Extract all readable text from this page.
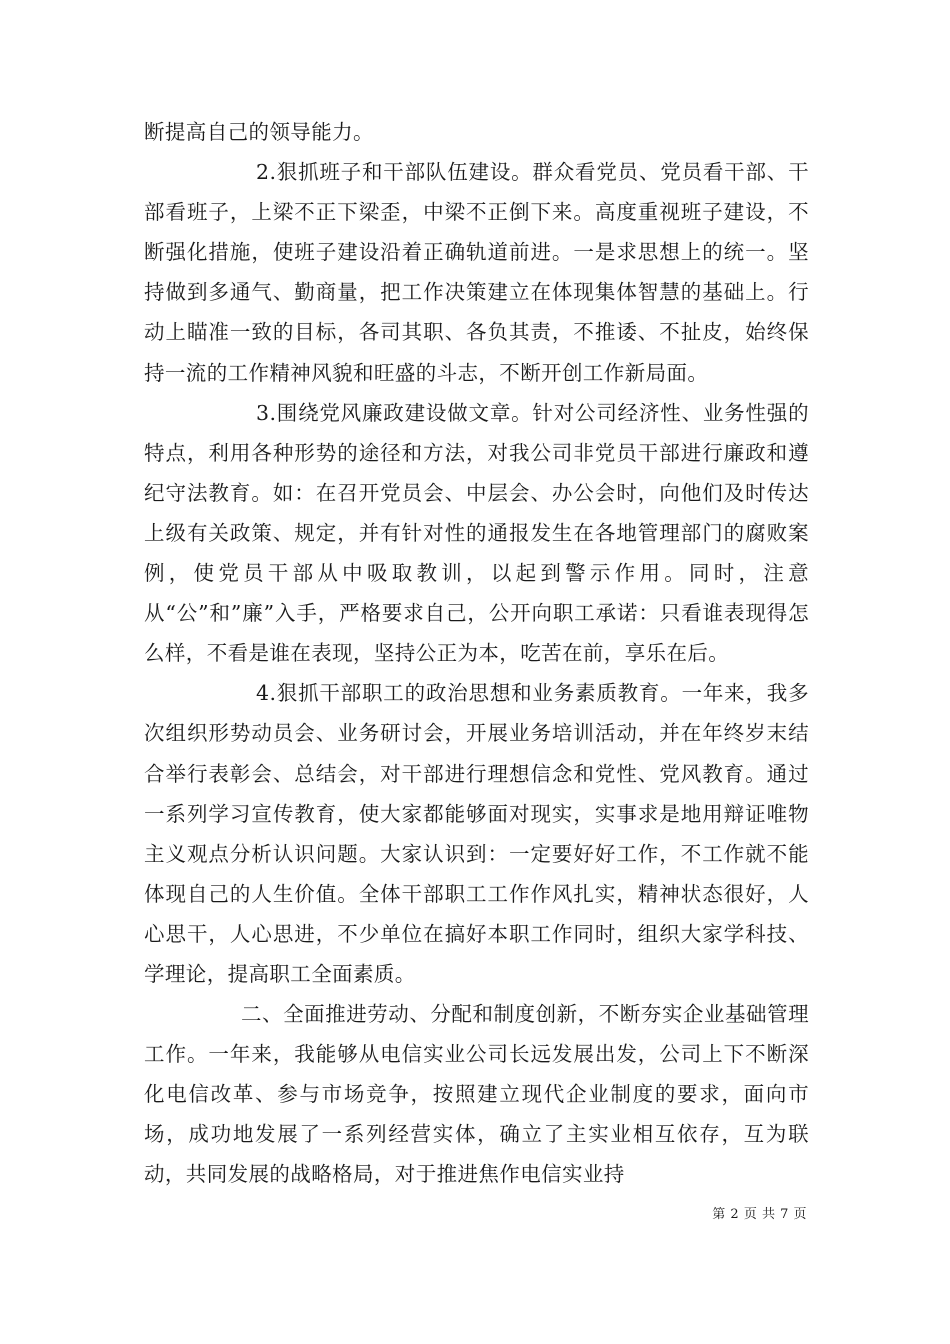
断提高自己的领导能力。

2.狠抓班子和干部队伍建设。群众看党员、党员看干部、干部看班子，上梁不正下梁歪，中梁不正倒下来。高度重视班子建设，不断强化措施，使班子建设沿着正确轨道前进。一是求思想上的统一。坚持做到多通气、勤商量，把工作决策建立在体现集体智慧的基础上。行动上瞄准一致的目标，各司其职、各负其责，不推诿、不扯皮，始终保持一流的工作精神风貌和旺盛的斗志，不断开创工作新局面。

3.围绕党风廉政建设做文章。针对公司经济性、业务性强的特点，利用各种形势的途径和方法，对我公司非党员干部进行廉政和遵纪守法教育。如：在召开党员会、中层会、办公会时，向他们及时传达上级有关政策、规定，并有针对性的通报发生在各地管理部门的腐败案例，使党员干部从中吸取教训，以起到警示作用。同时，注意从“公”和”廉”入手，严格要求自己，公开向职工承诺：只看谁表现得怎么样，不看是谁在表现，坚持公正为本，吃苦在前，享乐在后。

4.狠抓干部职工的政治思想和业务素质教育。一年来，我多次组织形势动员会、业务研讨会，开展业务培训活动，并在年终岁末结合举行表彰会、总结会，对干部进行理想信念和党性、党风教育。通过一系列学习宣传教育，使大家都能够面对现实，实事求是地用辩证唯物主义观点分析认识问题。大家认识到：一定要好好工作，不工作就不能体现自己的人生价值。全体干部职工工作作风扎实，精神状态很好，人心思干，人心思进，不少单位在搞好本职工作同时，组织大家学科技、学理论，提高职工全面素质。

二、全面推进劳动、分配和制度创新，不断夯实企业基础管理工作。一年来，我能够从电信实业公司长远发展出发，公司上下不断深化电信改革、参与市场竞争，按照建立现代企业制度的要求，面向市场，成功地发展了一系列经营实体，确立了主实业相互依存，互为联动，共同发展的战略格局，对于推进焦作电信实业持

第 2 页 共 7 页
